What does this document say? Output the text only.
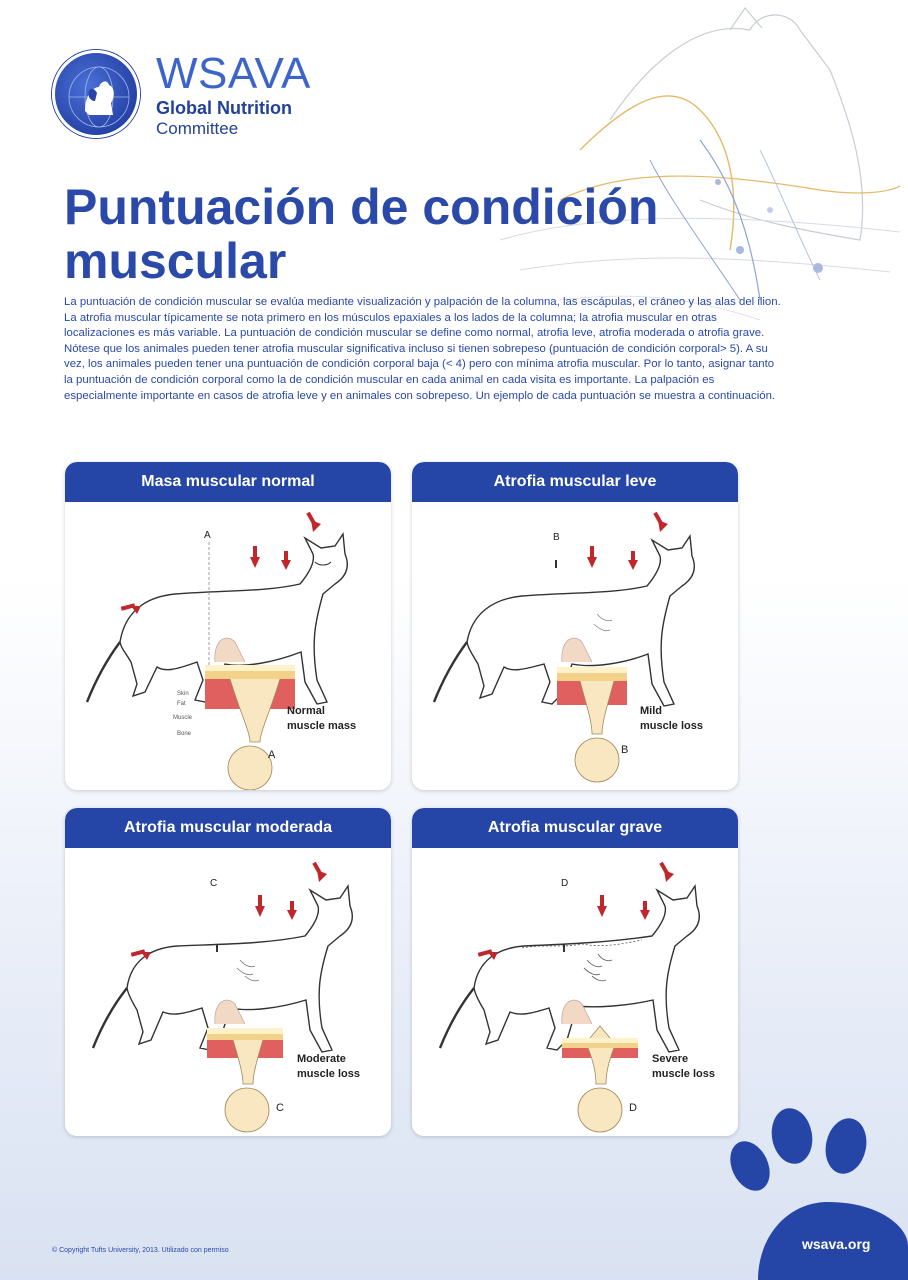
WSAVA
Global Nutrition
Committee
Puntuación de condición muscular
La puntuación de condición muscular se evalúa mediante visualización y palpación de la columna, las escápulas, el cráneo y las alas del ilion. La atrofia muscular típicamente se nota primero en los músculos epaxiales a los lados de la columna; la atrofia muscular en otras localizaciones es más variable. La puntuación de condición muscular se define como normal, atrofia leve, atrofia moderada o atrofia grave. Nótese que los animales pueden tener atrofia muscular significativa incluso si tienen sobrepeso (puntuación de condición corporal> 5). A su vez, los animales pueden tener una puntuación de condición corporal baja (< 4) pero con mínima atrofia muscular. Por lo tanto, asignar tanto la puntuación de condición corporal como la de condición muscular en cada animal en cada visita es importante. La palpación es especialmente importante en casos de atrofia leve y en animales con sobrepeso. Un ejemplo de cada puntuación se muestra a continuación.
Masa muscular normal
A
Skin
Fat
Muscle
Bone
Normal
muscle mass
A
Atrofia muscular leve
B
Mild
muscle loss
B
Atrofia muscular moderada
C
Moderate
muscle loss
C
Atrofia muscular grave
D
Severe
muscle loss
D
wsava.org
© Copyright Tufts University, 2013. Utilizado con permiso
